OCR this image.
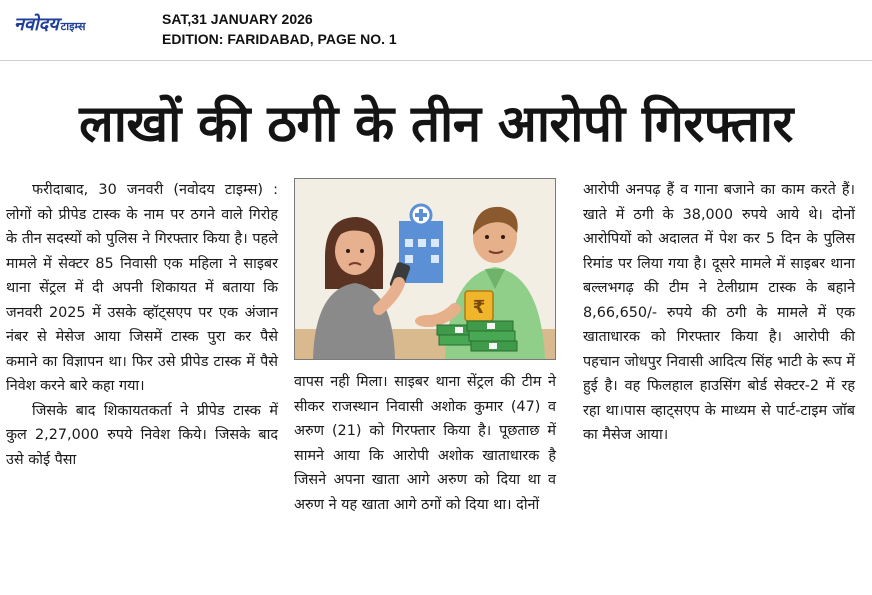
नवोदय टाइम्स	SAT,31 JANUARY 2026
EDITION: FARIDABAD, PAGE NO. 1
लाखों की ठगी के तीन आरोपी गिरफ्तार

फरीदाबाद, 30 जनवरी (नवोदय टाइम्स) : लोगों को प्रीपेड टास्क के नाम पर ठगने वाले गिरोह के तीन सदस्यों को पुलिस ने गिरफ्तार किया है। पहले मामले में सेक्टर 85 निवासी एक महिला ने साइबर थाना सेंट्रल में दी अपनी शिकायत में बताया कि जनवरी 2025 में उसके व्हॉट्सएप पर एक अंजान नंबर से मेसेज आया जिसमें टास्क पुरा कर पैसे कमाने का विज्ञापन था। फिर उसे प्रीपेड टास्क में पैसे निवेश करने बारे कहा गया।

जिसके बाद शिकायतकर्ता ने प्रीपेड टास्क में कुल 2,27,000 रुपये निवेश किये। जिसके बाद उसे कोई पैसा

₹

वापस नही मिला। साइबर थाना सेंट्रल की टीम ने सीकर राजस्थान निवासी अशोक कुमार (47) व अरुण (21) को गिरफ्तार किया है। पूछताछ में सामने आया कि आरोपी अशोक खाताधारक है जिसने अपना खाता आगे अरुण को दिया था व अरुण ने यह खाता आगे ठगों को दिया था। दोनों

आरोपी अनपढ़ हैं व गाना बजाने का काम करते हैं। खाते में ठगी के 38,000 रुपये आये थे। दोनों आरोपियों को अदालत में पेश कर 5 दिन के पुलिस रिमांड पर लिया गया है। दूसरे मामले में साइबर थाना बल्लभगढ़ की टीम ने टेलीग्राम टास्क के बहाने 8,66,650/- रुपये की ठगी के मामले में एक खाताधारक को गिरफ्तार किया है। आरोपी की पहचान जोधपुर निवासी आदित्य सिंह भाटी के रूप में हुई है। वह फिलहाल हाउसिंग बोर्ड सेक्टर-2 में रह रहा था।पास व्हाट्सएप के माध्यम से पार्ट-टाइम जॉब का मैसेज आया।
